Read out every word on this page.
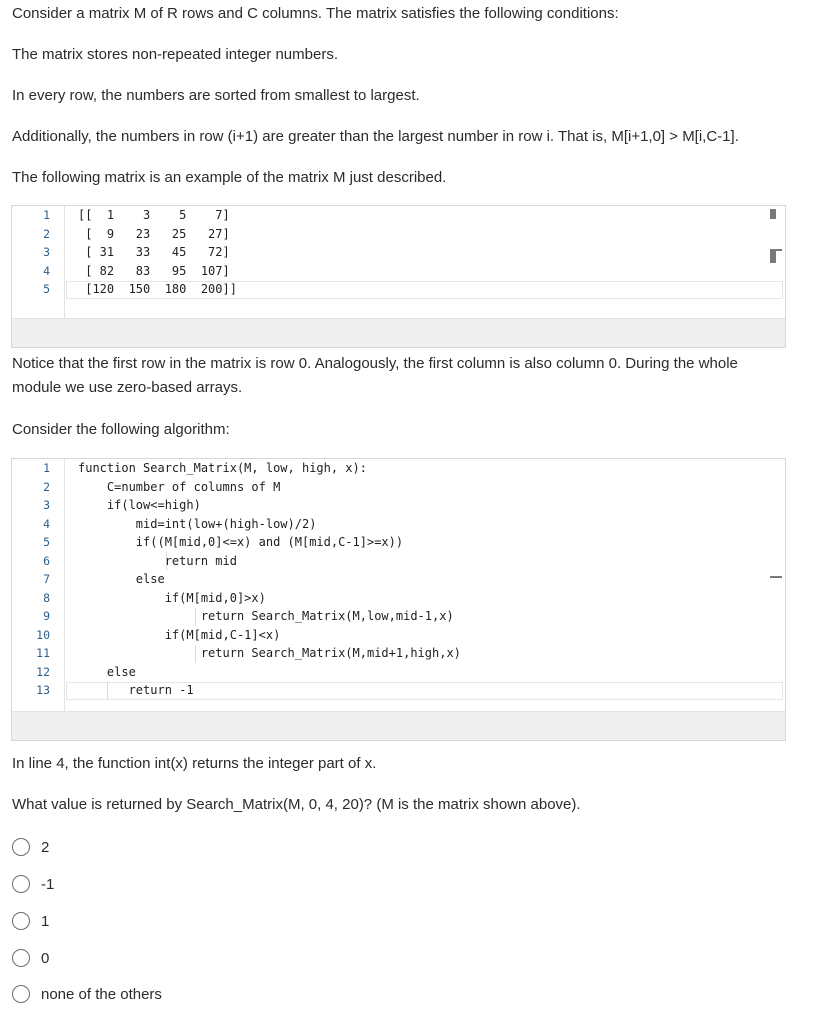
Consider a matrix M of R rows and C columns. The matrix satisfies the following conditions:

The matrix stores non-repeated integer numbers.

In every row, the numbers are sorted from smallest to largest.

Additionally, the numbers in row (i+1) are greater than the largest number in row i. That is, M[i+1,0] > M[i,C-1].

The following matrix is an example of the matrix M just described.

1
2
3
4
5
[[  1    3    5    7]
[  9   23   25   27]
[ 31   33   45   72]
[ 82   83   95  107]
[120  150  180  200]]

Notice that the first row in the matrix is row 0. Analogously, the first column is also column 0. During the whole module we use zero-based arrays.

Consider the following algorithm:

1
2
3
4
5
6
7
8
9
10
11
12
13
function Search_Matrix(M, low, high, x):
C=number of columns of M
if(low<=high)
mid=int(low+(high-low)/2)
if((M[mid,0]<=x) and (M[mid,C-1]>=x))
return mid
else
if(M[mid,0]>x)
return Search_Matrix(M,low,mid-1,x)
if(M[mid,C-1]<x)
return Search_Matrix(M,mid+1,high,x)
else
return -1

In line 4, the function int(x) returns the integer part of x.

What value is returned by Search_Matrix(M, 0, 4, 20)? (M is the matrix shown above).

2
-1
1
0
none of the others
